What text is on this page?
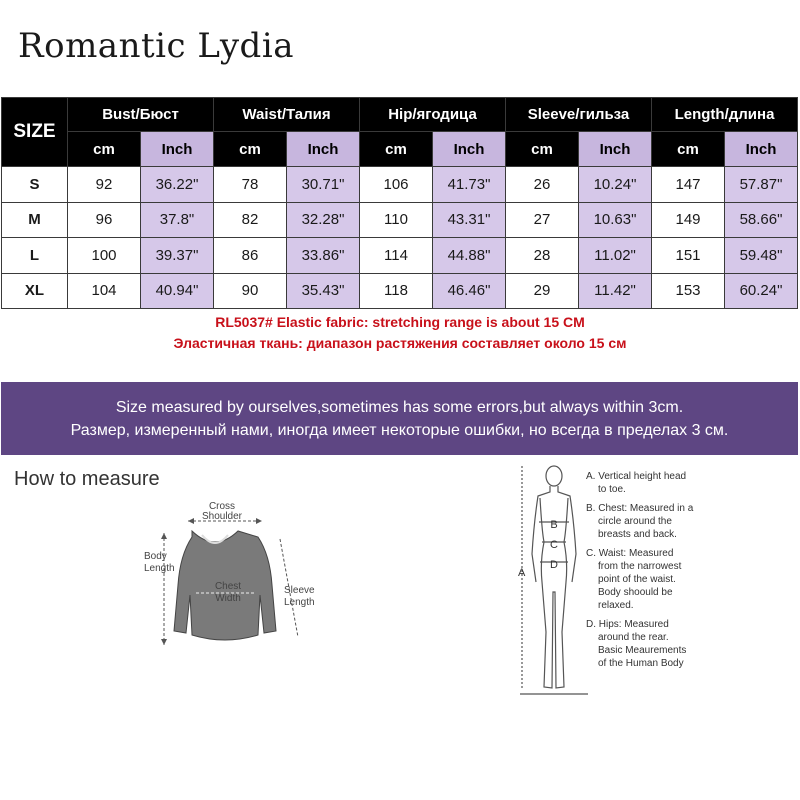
Romantic Lydia
SIZE	Bust/Бюст		Waist/Талия		Hip/ягодица		Sleeve/гильза		Length/длина	
	cm	Inch	cm	Inch	cm	Inch	cm	Inch	cm	Inch
S	92	36.22"	78	30.71"	106	41.73"	26	10.24"	147	57.87"
M	96	37.8"	82	32.28"	110	43.31"	27	10.63"	149	58.66"
L	100	39.37"	86	33.86"	114	44.88"	28	11.02"	151	59.48"
XL	104	40.94"	90	35.43"	118	46.46"	29	11.42"	153	60.24"
RL5037# Elastic fabric: stretching range is about 15 CM
Эластичная ткань: диапазон растяжения составляет около 15 см
Size measured by ourselves,sometimes has some errors,but always within 3cm.
Размер, измеренный нами, иногда имеет некоторые ошибки, но всегда в пределах 3 см.
How to measure
Cross
Shoulder
Body
Length
Chest
Width
Sleeve
Length
B
C
D
A
A. Vertical height head
to toe.
B. Chest: Measured in a
circle around the
breasts and back.
C. Waist: Measured
from the narrowest
point of the waist.
Body shoould be
relaxed.
D. Hips: Measured
around the rear.
Basic Meaurements
of the Human Body
